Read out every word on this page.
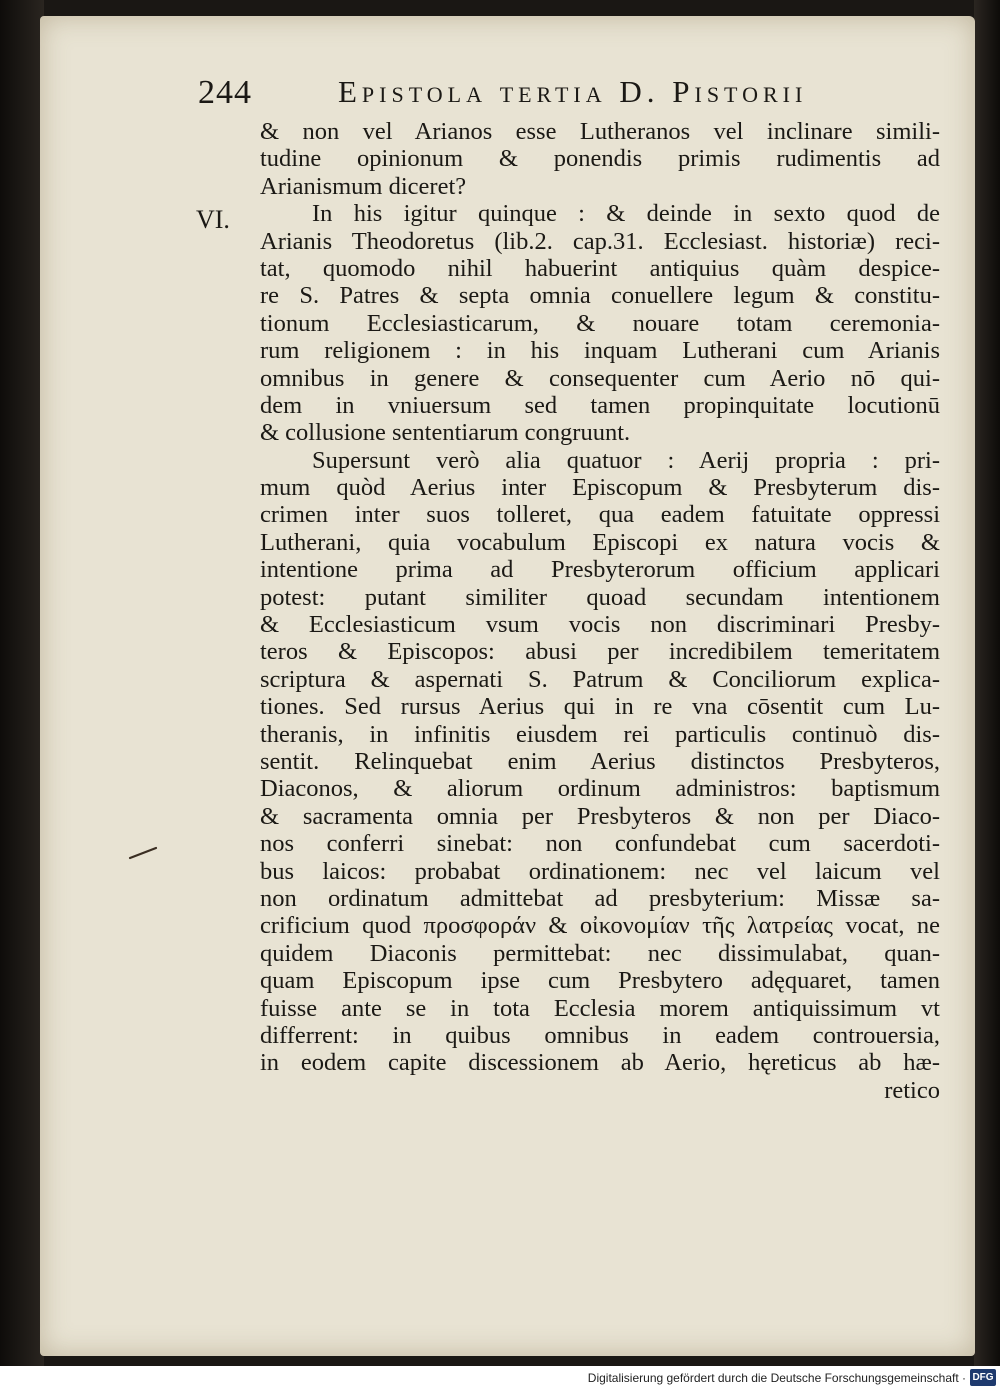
244	Epistola tertia D. Pistorii
VI.
& non vel Arianos esse Lutheranos vel inclinare simili-
tudine opinionum & ponendis primis rudimentis ad
Arianismum diceret?
In his igitur quinque : & deinde in sexto quod de
Arianis Theodoretus (lib.2. cap.31. Ecclesiast. historiæ) reci-
tat, quomodo nihil habuerint antiquius quàm despice-
re S. Patres & septa omnia conuellere legum & constitu-
tionum Ecclesiasticarum, & nouare totam ceremonia-
rum religionem : in his inquam Lutherani cum Arianis
omnibus in genere & consequenter cum Aerio nō qui-
dem in vniuersum sed tamen propinquitate locutionū
& collusione sententiarum congruunt.
Supersunt verò alia quatuor : Aerij propria : pri-
mum quòd Aerius inter Episcopum & Presbyterum dis-
crimen inter suos tolleret, qua eadem fatuitate oppressi
Lutherani, quia vocabulum Episcopi ex natura vocis &
intentione prima ad Presbyterorum officium applicari
potest: putant similiter quoad secundam intentionem
& Ecclesiasticum vsum vocis non discriminari Presby-
teros & Episcopos: abusi per incredibilem temeritatem
scriptura & aspernati S. Patrum & Conciliorum explica-
tiones. Sed rursus Aerius qui in re vna cōsentit cum Lu-
theranis, in infinitis eiusdem rei particulis continuò dis-
sentit. Relinquebat enim Aerius distinctos Presbyteros,
Diaconos, & aliorum ordinum administros: baptismum
& sacramenta omnia per Presbyteros & non per Diaco-
nos conferri sinebat: non confundebat cum sacerdoti-
bus laicos: probabat ordinationem: nec vel laicum vel
non ordinatum admittebat ad presbyterium: Missæ sa-
crificium quod προσφοράν & οἰκονομίαν τῆς λατρείας vocat, ne
quidem Diaconis permittebat: nec dissimulabat, quan-
quam Episcopum ipse cum Presbytero adęquaret, tamen
fuisse ante se in tota Ecclesia morem antiquissimum vt
differrent: in quibus omnibus in eadem controuersia,
in eodem capite discessionem ab Aerio, hęreticus ab hæ-
retico
Digitalisierung gefördert durch die Deutsche Forschungsgemeinschaft · DFG
